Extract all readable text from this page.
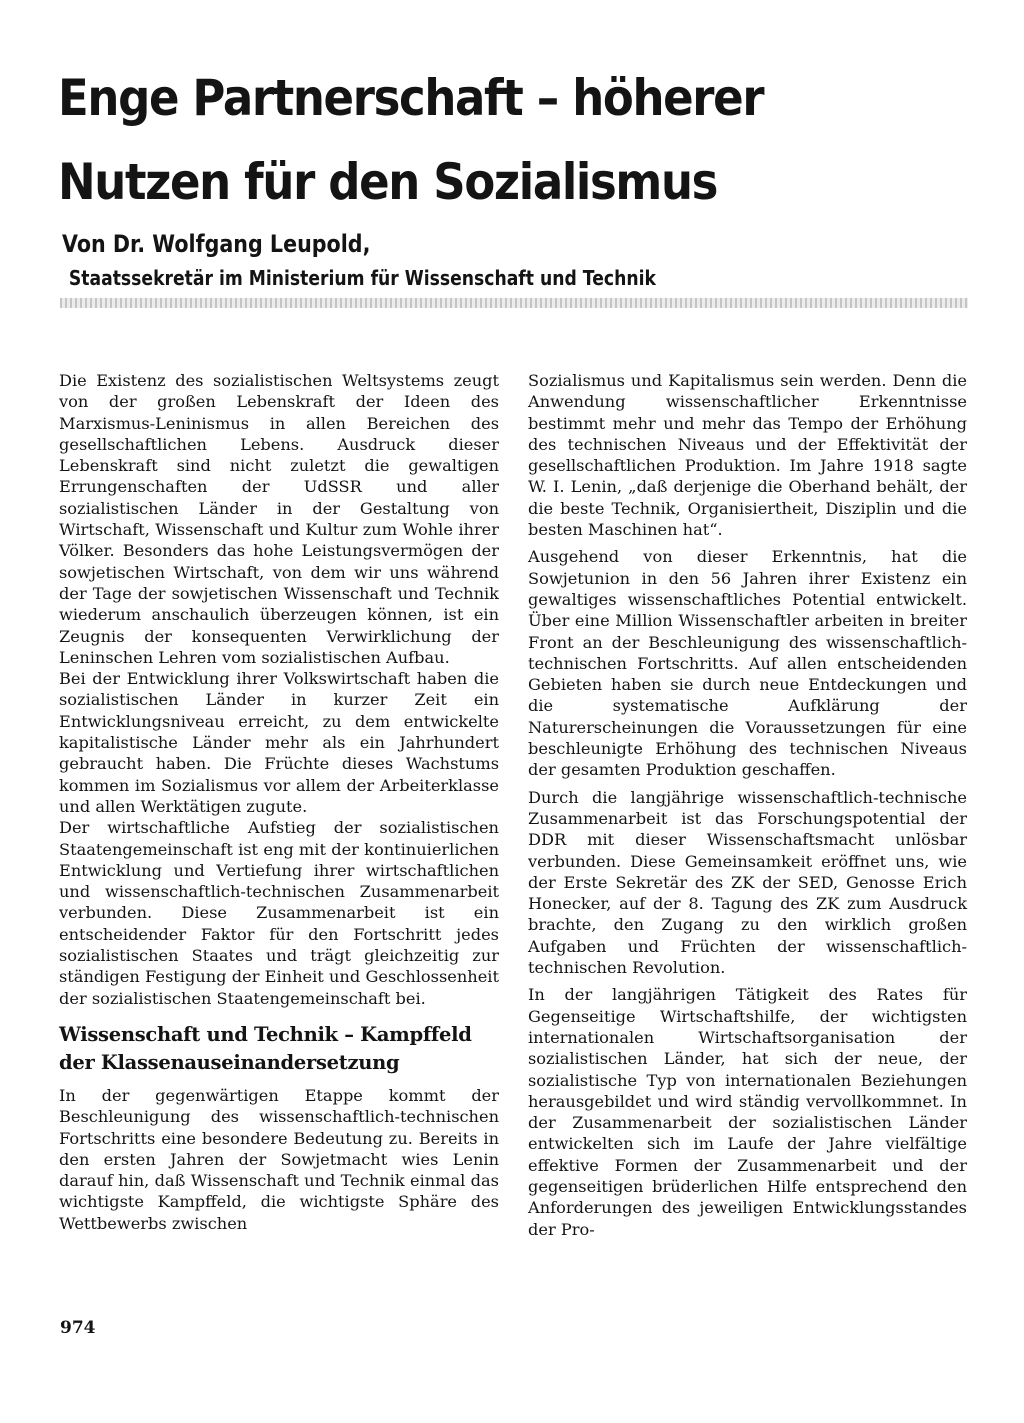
Enge Partnerschaft – höherer
Nutzen für den Sozialismus
Von Dr. Wolfgang Leupold,
Staatssekretär im Ministerium für Wissenschaft und Technik

Die Existenz des sozialistischen Weltsystems zeugt von der großen Lebenskraft der Ideen des Marxismus-Leninismus in allen Bereichen des gesellschaftlichen Lebens. Ausdruck dieser Lebenskraft sind nicht zuletzt die gewaltigen Errungenschaften der UdSSR und aller sozialistischen Länder in der Gestaltung von Wirtschaft, Wissenschaft und Kultur zum Wohle ihrer Völker. Besonders das hohe Leistungsvermögen der sowjetischen Wirtschaft, von dem wir uns während der Tage der sowjetischen Wissenschaft und Technik wiederum anschaulich überzeugen können, ist ein Zeugnis der konsequenten Verwirklichung der Leninschen Lehren vom sozialistischen Aufbau.

Bei der Entwicklung ihrer Volkswirtschaft haben die sozialistischen Länder in kurzer Zeit ein Entwicklungsniveau erreicht, zu dem entwickelte kapitalistische Länder mehr als ein Jahrhundert gebraucht haben. Die Früchte dieses Wachstums kommen im Sozialismus vor allem der Arbeiterklasse und allen Werktätigen zugute.

Der wirtschaftliche Aufstieg der sozialistischen Staatengemeinschaft ist eng mit der kontinuierlichen Entwicklung und Vertiefung ihrer wirtschaftlichen und wissenschaftlich-technischen Zusammenarbeit verbunden. Diese Zusammenarbeit ist ein entscheidender Faktor für den Fortschritt jedes sozialistischen Staates und trägt gleichzeitig zur ständigen Festigung der Einheit und Geschlossenheit der sozialistischen Staatengemeinschaft bei.

Wissenschaft und Technik – Kampffeld der Klassenauseinandersetzung

In der gegenwärtigen Etappe kommt der Beschleunigung des wissenschaftlich-technischen Fortschritts eine besondere Bedeutung zu. Bereits in den ersten Jahren der Sowjetmacht wies Lenin darauf hin, daß Wissenschaft und Technik einmal das wichtigste Kampffeld, die wichtigste Sphäre des Wettbewerbs zwischen

Sozialismus und Kapitalismus sein werden. Denn die Anwendung wissenschaftlicher Erkenntnisse bestimmt mehr und mehr das Tempo der Erhöhung des technischen Niveaus und der Effektivität der gesellschaftlichen Produktion. Im Jahre 1918 sagte W. I. Lenin, „daß derjenige die Oberhand behält, der die beste Technik, Organisiertheit, Disziplin und die besten Maschinen hat“.

Ausgehend von dieser Erkenntnis, hat die Sowjetunion in den 56 Jahren ihrer Existenz ein gewaltiges wissenschaftliches Potential entwickelt. Über eine Million Wissenschaftler arbeiten in breiter Front an der Beschleunigung des wissenschaftlich-technischen Fortschritts. Auf allen entscheidenden Gebieten haben sie durch neue Entdeckungen und die systematische Aufklärung der Naturerscheinungen die Voraussetzungen für eine beschleunigte Erhöhung des technischen Niveaus der gesamten Produktion geschaffen.

Durch die langjährige wissenschaftlich-technische Zusammenarbeit ist das Forschungspotential der DDR mit dieser Wissenschaftsmacht unlösbar verbunden. Diese Gemeinsamkeit eröffnet uns, wie der Erste Sekretär des ZK der SED, Genosse Erich Honecker, auf der 8. Tagung des ZK zum Ausdruck brachte, den Zugang zu den wirklich großen Aufgaben und Früchten der wissenschaftlich-technischen Revolution.

In der langjährigen Tätigkeit des Rates für Gegenseitige Wirtschaftshilfe, der wichtigsten internationalen Wirtschaftsorganisation der sozialistischen Länder, hat sich der neue, der sozialistische Typ von internationalen Beziehungen herausgebildet und wird ständig vervollkommnet. In der Zusammenarbeit der sozialistischen Länder entwickelten sich im Laufe der Jahre vielfältige effektive Formen der Zusammenarbeit und der gegenseitigen brüderlichen Hilfe entsprechend den Anforderungen des jeweiligen Entwicklungsstandes der Pro-

974
